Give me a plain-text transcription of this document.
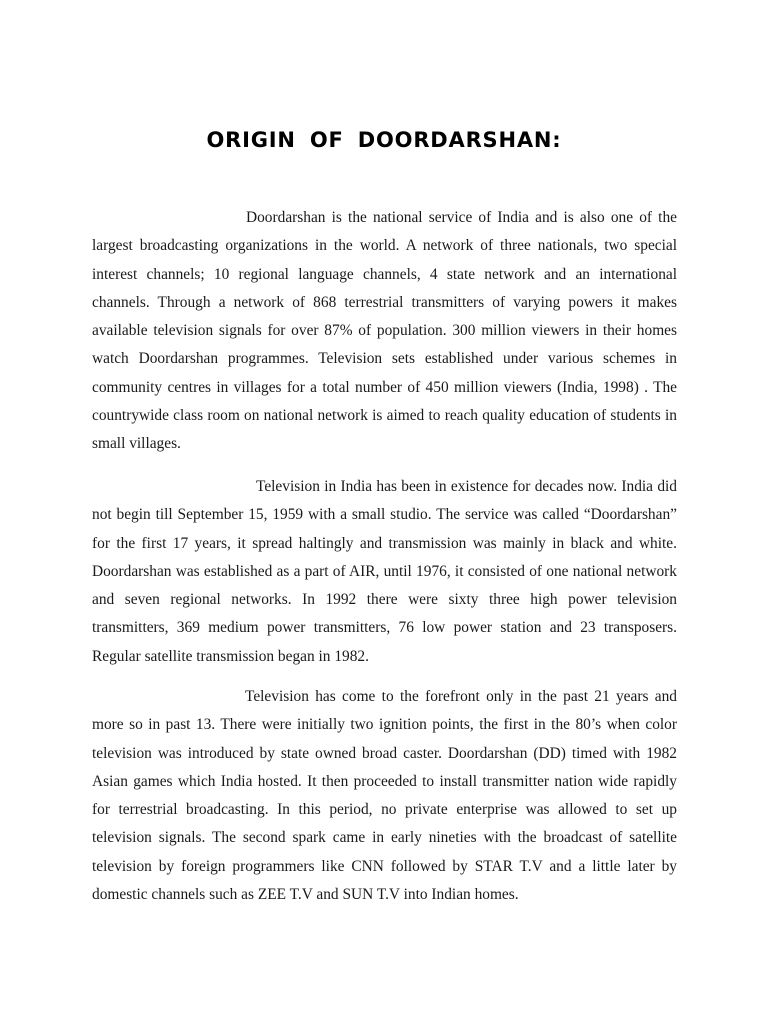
ORIGIN OF DOORDARSHAN:

Doordarshan is the national service of India and is also one of the largest broadcasting organizations in the world. A network of three nationals, two special interest channels; 10 regional language channels, 4 state network and an international channels. Through a network of 868 terrestrial transmitters of varying powers it makes available television signals for over 87% of population. 300 million viewers in their homes watch Doordarshan programmes. Television sets established under various schemes in community centres in villages for a total number of 450 million viewers (India, 1998) . The countrywide class room on national network is aimed to reach quality education of students in small villages.

Television in India has been in existence for decades now. India did not begin till September 15, 1959 with a small studio. The service was called “Doordarshan” for the first 17 years, it spread haltingly and transmission was mainly in black and white. Doordarshan was established as a part of AIR, until 1976, it consisted of one national network and seven regional networks. In 1992 there were sixty three high power television transmitters, 369 medium power transmitters, 76 low power station and 23 transposers. Regular satellite transmission began in 1982.

Television has come to the forefront only in the past 21 years and more so in past 13. There were initially two ignition points, the first in the 80’s when color television was introduced by state owned broad caster. Doordarshan (DD) timed with 1982 Asian games which India hosted. It then proceeded to install transmitter nation wide rapidly for terrestrial broadcasting. In this period, no private enterprise was allowed to set up television signals. The second spark came in early nineties with the broadcast of satellite television by foreign programmers like CNN followed by STAR T.V and a little later by domestic channels such as ZEE T.V and SUN T.V into Indian homes.
